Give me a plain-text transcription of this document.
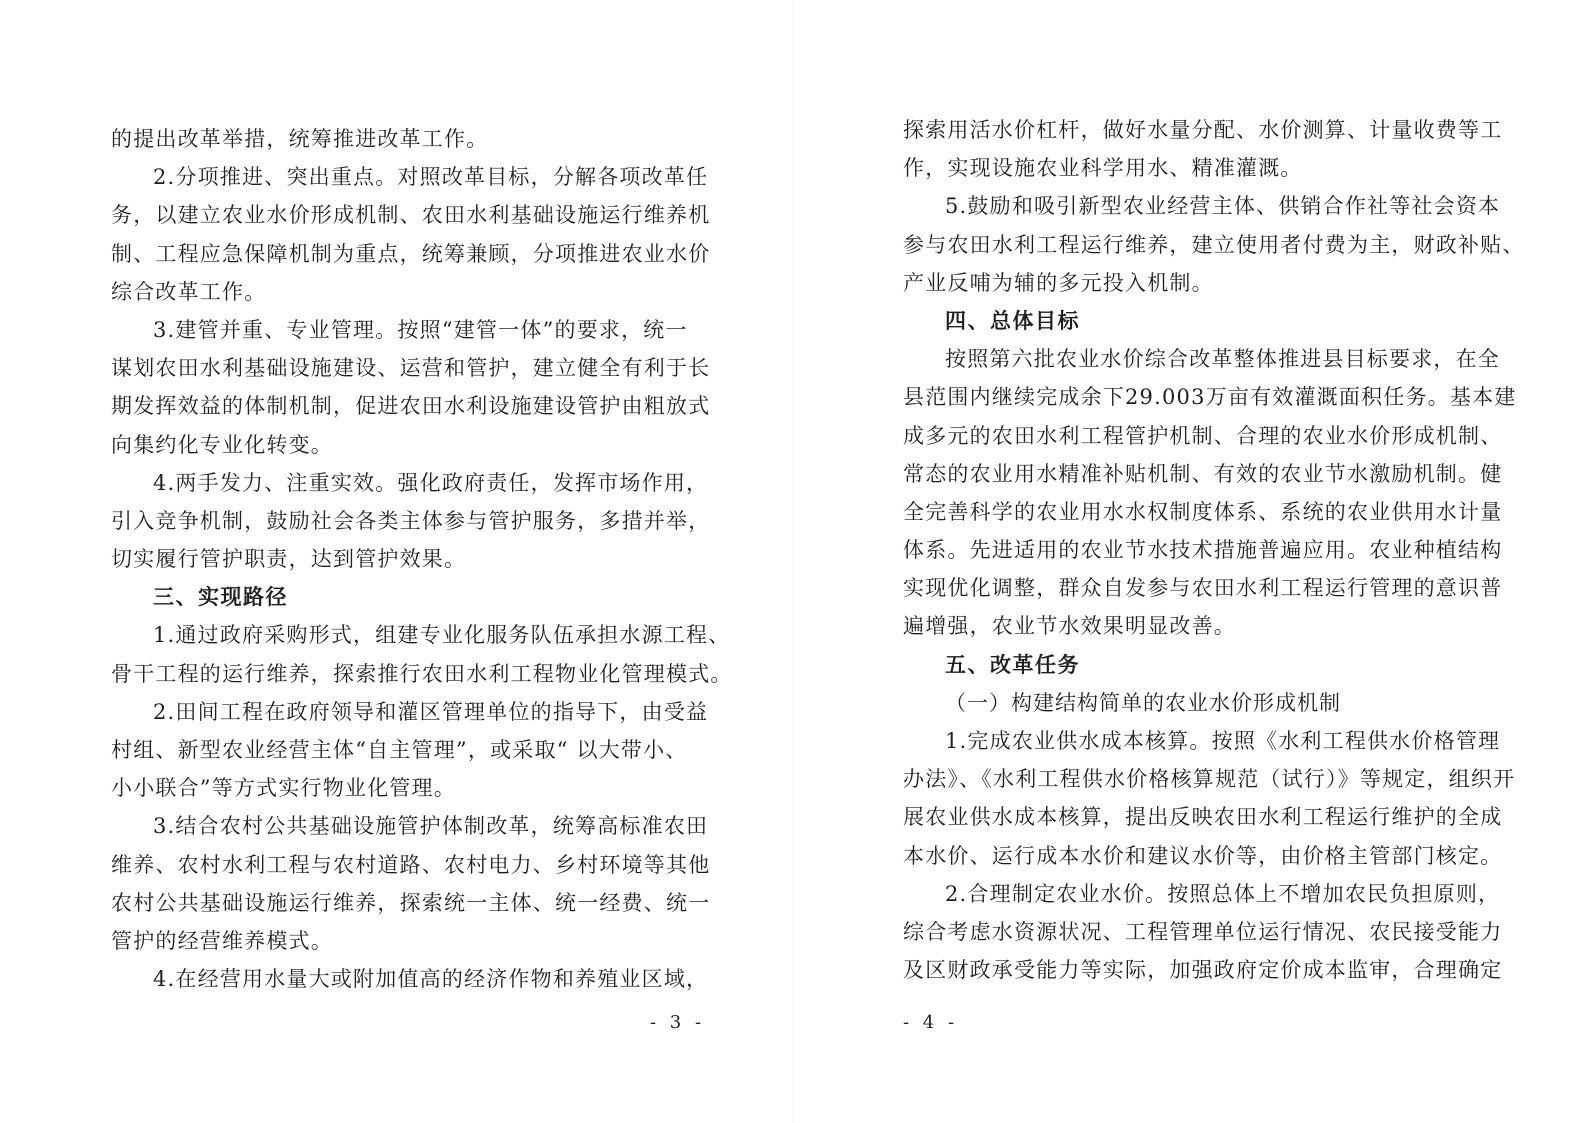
的提出改革举措，统筹推进改革工作。
2.分项推进、突出重点。对照改革目标，分解各项改革任
务，以建立农业水价形成机制、农田水利基础设施运行维养机
制、工程应急保障机制为重点，统筹兼顾，分项推进农业水价
综合改革工作。
3.建管并重、专业管理。按照“建管一体”的要求，统一
谋划农田水利基础设施建设、运营和管护，建立健全有利于长
期发挥效益的体制机制，促进农田水利设施建设管护由粗放式
向集约化专业化转变。
4.两手发力、注重实效。强化政府责任，发挥市场作用，
引入竞争机制，鼓励社会各类主体参与管护服务，多措并举，
切实履行管护职责，达到管护效果。
三、实现路径
1.通过政府采购形式，组建专业化服务队伍承担水源工程、
骨干工程的运行维养，探索推行农田水利工程物业化管理模式。
2.田间工程在政府领导和灌区管理单位的指导下，由受益
村组、新型农业经营主体“自主管理”，或采取“ 以大带小、
小小联合”等方式实行物业化管理。
3.结合农村公共基础设施管护体制改革，统筹高标准农田
维养、农村水利工程与农村道路、农村电力、乡村环境等其他
农村公共基础设施运行维养，探索统一主体、统一经费、统一
管护的经营维养模式。
4.在经营用水量大或附加值高的经济作物和养殖业区域，
- 3 -
探索用活水价杠杆，做好水量分配、水价测算、计量收费等工
作，实现设施农业科学用水、精准灌溉。
5.鼓励和吸引新型农业经营主体、供销合作社等社会资本
参与农田水利工程运行维养，建立使用者付费为主，财政补贴、
产业反哺为辅的多元投入机制。
四、总体目标
按照第六批农业水价综合改革整体推进县目标要求，在全
县范围内继续完成余下29.003万亩有效灌溉面积任务。基本建
成多元的农田水利工程管护机制、合理的农业水价形成机制、
常态的农业用水精准补贴机制、有效的农业节水激励机制。健
全完善科学的农业用水水权制度体系、系统的农业供用水计量
体系。先进适用的农业节水技术措施普遍应用。农业种植结构
实现优化调整，群众自发参与农田水利工程运行管理的意识普
遍增强，农业节水效果明显改善。
五、改革任务
（一）构建结构简单的农业水价形成机制
1.完成农业供水成本核算。按照《水利工程供水价格管理
办法》、《水利工程供水价格核算规范（试行）》等规定，组织开
展农业供水成本核算，提出反映农田水利工程运行维护的全成
本水价、运行成本水价和建议水价等，由价格主管部门核定。
2.合理制定农业水价。按照总体上不增加农民负担原则，
综合考虑水资源状况、工程管理单位运行情况、农民接受能力
及区财政承受能力等实际，加强政府定价成本监审，合理确定
- 4 -
